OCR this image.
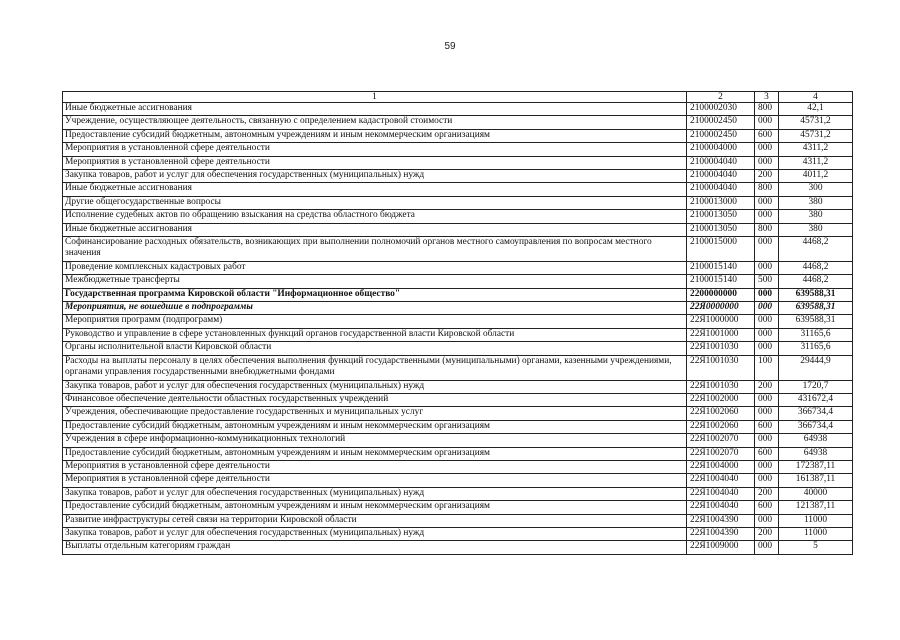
59
1	2	3	4
Иные бюджетные ассигнования	2100002030	800	42,1
Учреждение, осуществляющее деятельность, связанную с определением кадастровой стоимости	2100002450	000	45731,2
Предоставление субсидий бюджетным, автономным учреждениям и иным некоммерческим организациям	2100002450	600	45731,2
Мероприятия в установленной сфере деятельности	2100004000	000	4311,2
Мероприятия в установленной сфере деятельности	2100004040	000	4311,2
Закупка товаров, работ и услуг для обеспечения государственных (муниципальных) нужд	2100004040	200	4011,2
Иные бюджетные ассигнования	2100004040	800	300
Другие общегосударственные вопросы	2100013000	000	380
Исполнение судебных актов по обращению взыскания на средства областного бюджета	2100013050	000	380
Иные бюджетные ассигнования	2100013050	800	380
Софинансирование расходных обязательств, возникающих при выполнении полномочий органов местного самоуправления по вопросам местного значения	2100015000	000	4468,2
Проведение комплексных кадастровых работ	2100015140	000	4468,2
Межбюджетные трансферты	2100015140	500	4468,2
Государственная программа Кировской области "Информационное общество"	2200000000	000	639588,31
Мероприятия, не вошедшие в подпрограммы	22Я0000000	000	639588,31
Мероприятия программ (подпрограмм)	22Я1000000	000	639588,31
Руководство и управление в сфере установленных функций органов государственной власти Кировской области	22Я1001000	000	31165,6
Органы исполнительной власти Кировской области	22Я1001030	000	31165,6
Расходы на выплаты персоналу в целях обеспечения выполнения функций государственными (муниципальными) органами, казенными учреждениями, органами управления государственными внебюджетными фондами	22Я1001030	100	29444,9
Закупка товаров, работ и услуг для обеспечения государственных (муниципальных) нужд	22Я1001030	200	1720,7
Финансовое обеспечение деятельности областных государственных учреждений	22Я1002000	000	431672,4
Учреждения, обеспечивающие предоставление государственных и муниципальных услуг	22Я1002060	000	366734,4
Предоставление субсидий бюджетным, автономным учреждениям и иным некоммерческим организациям	22Я1002060	600	366734,4
Учреждения в сфере информационно-коммуникационных технологий	22Я1002070	000	64938
Предоставление субсидий бюджетным, автономным учреждениям и иным некоммерческим организациям	22Я1002070	600	64938
Мероприятия в установленной сфере деятельности	22Я1004000	000	172387,11
Мероприятия в установленной сфере деятельности	22Я1004040	000	161387,11
Закупка товаров, работ и услуг для обеспечения государственных (муниципальных) нужд	22Я1004040	200	40000
Предоставление субсидий бюджетным, автономным учреждениям и иным некоммерческим организациям	22Я1004040	600	121387,11
Развитие инфраструктуры сетей связи на территории Кировской области	22Я1004390	000	11000
Закупка товаров, работ и услуг для обеспечения государственных (муниципальных) нужд	22Я1004390	200	11000
Выплаты отдельным категориям граждан	22Я1009000	000	5
